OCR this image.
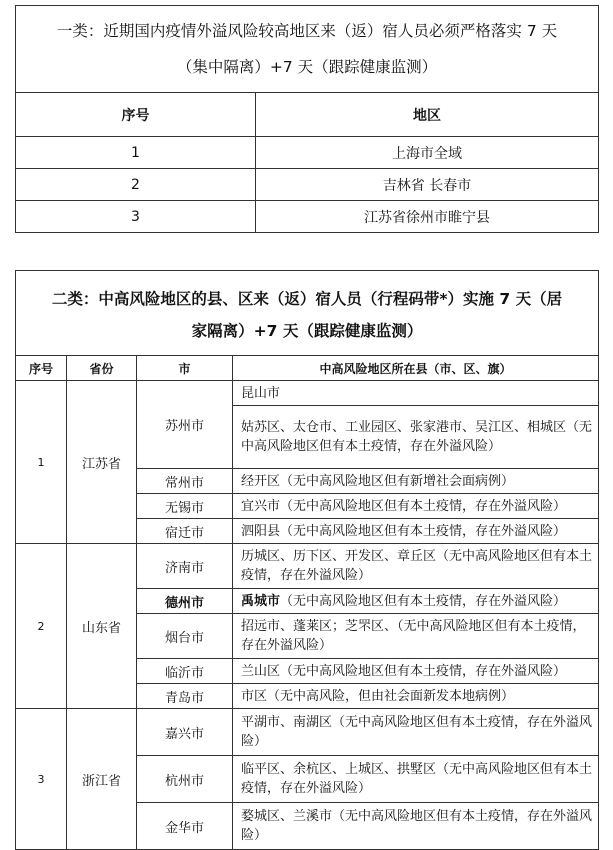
一类：近期国内疫情外溢风险较高地区来（返）宿人员必须严格落实 7 天
（集中隔离）+7 天（跟踪健康监测）	

序号	地区
1	上海市全域
2	吉林省 长春市
3	江苏省徐州市睢宁县
二类：中高风险地区的县、区来（返）宿人员（行程码带*）实施 7 天（居
家隔离）+7 天（跟踪健康监测）			

序号	省份	市	中高风险地区所在县（市、区、旗）
1	江苏省	苏州市	昆山市
			姑苏区、太仓市、工业园区、张家港市、吴江区、相城区（无中高风险地区但有本土疫情，存在外溢风险）
		常州市	经开区（无中高风险地区但有新增社会面病例）
		无锡市	宜兴市（无中高风险地区但有本土疫情，存在外溢风险）
		宿迁市	泗阳县（无中高风险地区但有本土疫情，存在外溢风险）
2	山东省	济南市	历城区、历下区、开发区、章丘区（无中高风险地区但有本土疫情，存在外溢风险）
		德州市	禹城市（无中高风险地区但有本土疫情，存在外溢风险）
		烟台市	招远市、蓬莱区；芝罘区、（无中高风险地区但有本土疫情，存在外溢风险）
		临沂市	兰山区（无中高风险地区但有本土疫情，存在外溢风险）
		青岛市	市区（无中高风险，但由社会面新发本地病例）
3	浙江省	嘉兴市	平湖市、南湖区（无中高风险地区但有本土疫情，存在外溢风险）
		杭州市	临平区、余杭区、上城区、拱墅区（无中高风险地区但有本土疫情，存在外溢风险）
		金华市	婺城区、兰溪市（无中高风险地区但有本土疫情，存在外溢风险）
